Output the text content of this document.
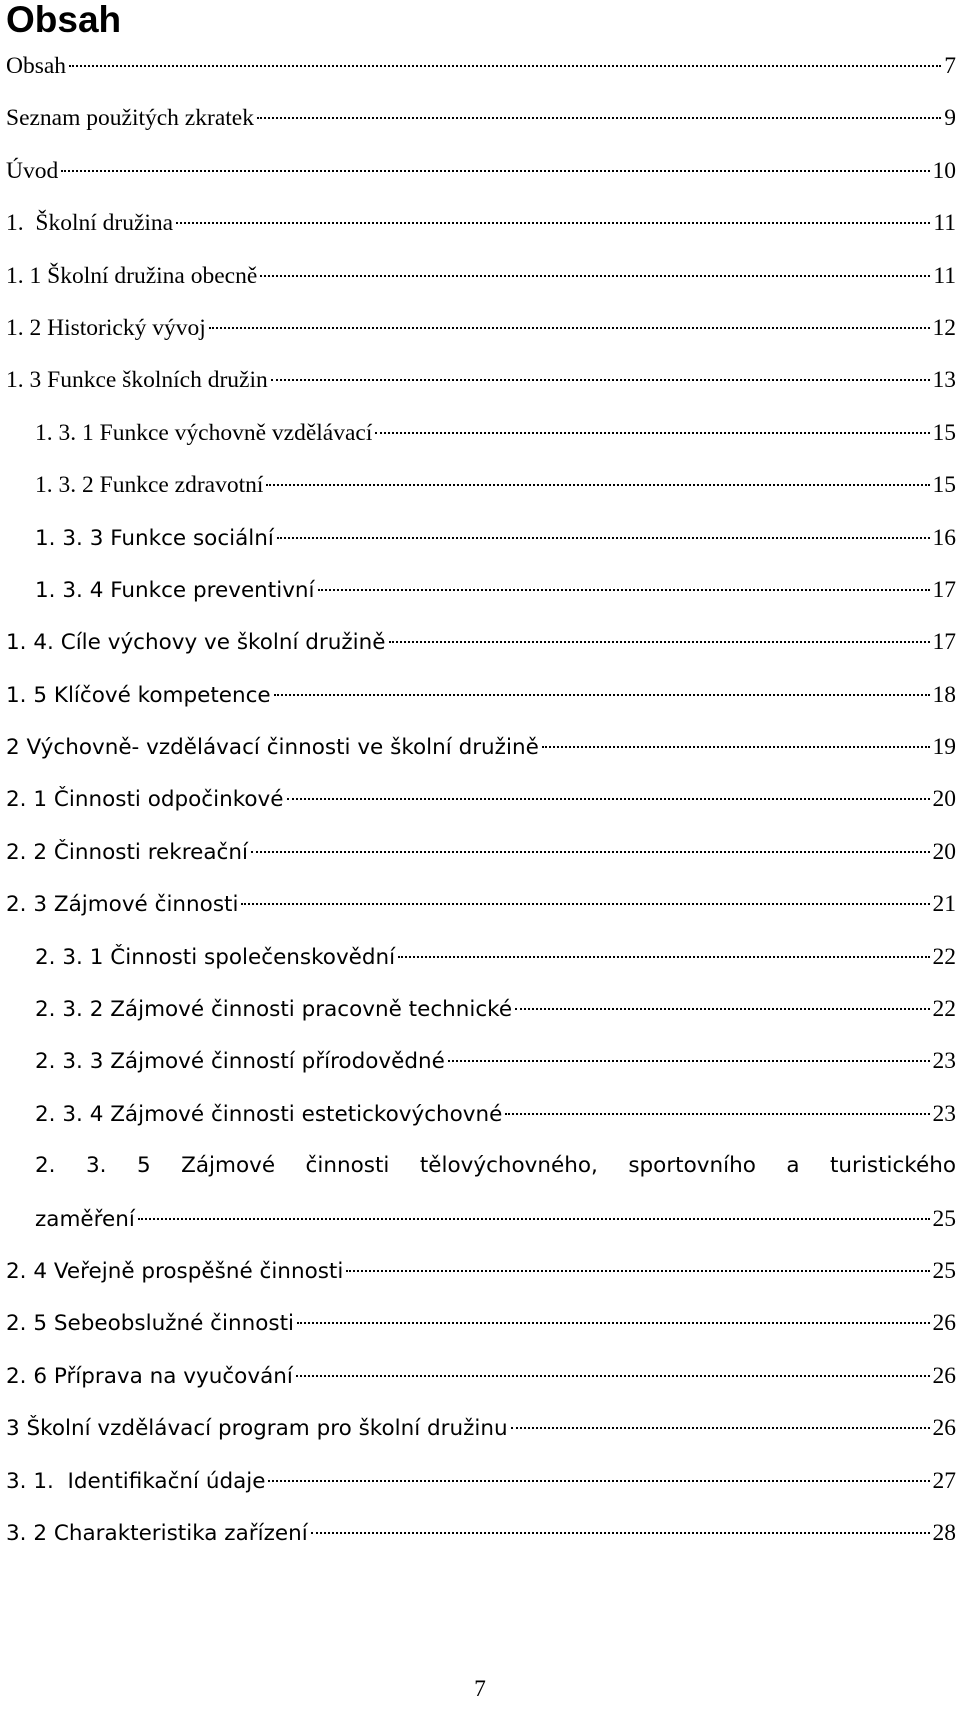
Obsah
Obsah	7
Seznam použitých zkratek	9
Úvod	10
1.  Školní družina	11
1. 1 Školní družina obecně	11
1. 2 Historický vývoj	12
1. 3 Funkce školních družin	13
1. 3. 1 Funkce výchovně vzdělávací	15
1. 3. 2 Funkce zdravotní	15
1. 3. 3 Funkce sociální	16
1. 3. 4 Funkce preventivní	17
1. 4. Cíle výchovy ve školní družině	17
1. 5 Klíčové kompetence	18
2 Výchovně- vzdělávací činnosti ve školní družině	19
2. 1 Činnosti odpočinkové	20
2. 2 Činnosti rekreační	20
2. 3 Zájmové činnosti	21
2. 3. 1 Činnosti společenskovědní	22
2. 3. 2 Zájmové činnosti pracovně technické	22
2. 3. 3 Zájmové činností přírodovědné	23
2. 3. 4 Zájmové činnosti estetickovýchovné	23
2. 3. 5 Zájmové činnosti tělovýchovného, sportovního a turistického
zaměření	25
2. 4 Veřejně prospěšné činnosti	25
2. 5 Sebeobslužné činnosti	26
2. 6 Příprava na vyučování	26
3 Školní vzdělávací program pro školní družinu	26
3. 1.  Identifikační údaje	27
3. 2 Charakteristika zařízení	28
7
